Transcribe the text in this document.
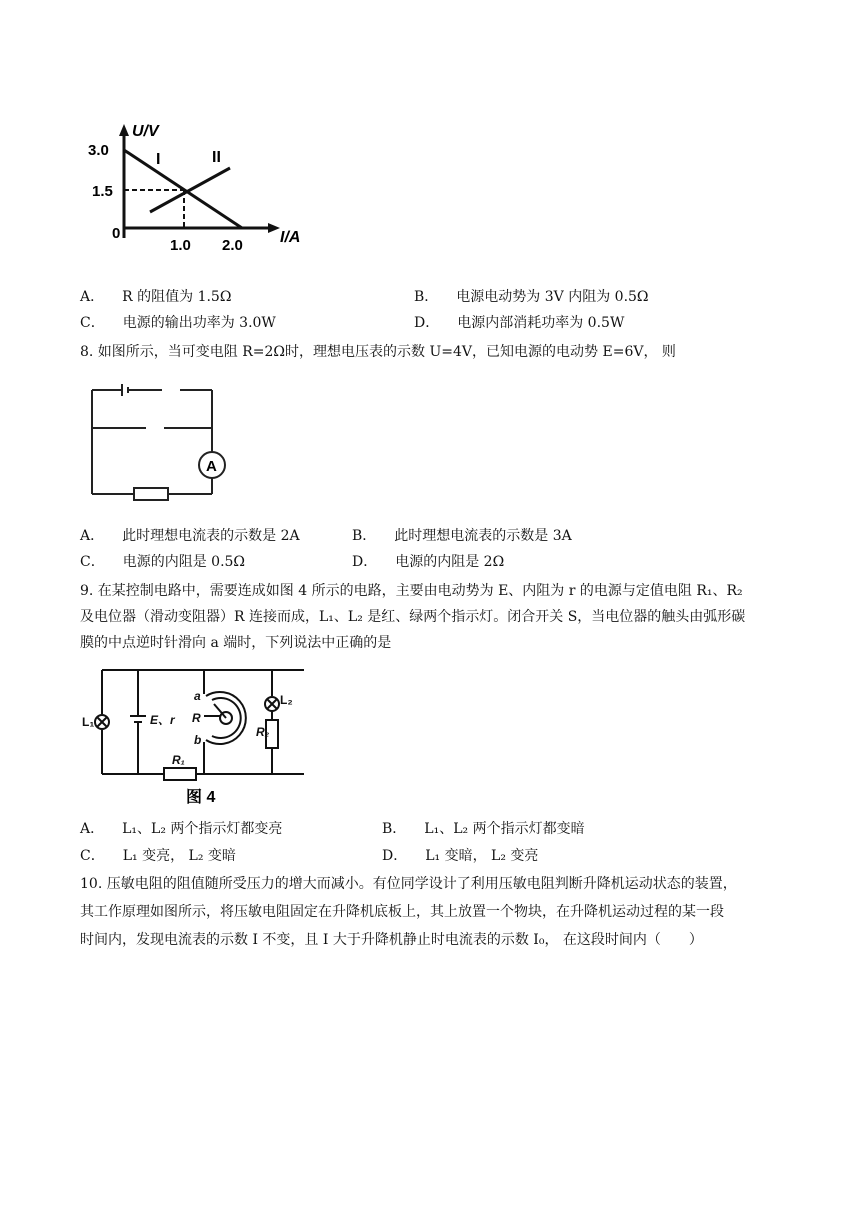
U/V
I/A
3.0
1.5
0
1.0 2.0
I	II
A． R 的阻值为 1.5Ω	B． 电源电动势为 3V 内阻为 0.5Ω
C． 电源的输出功率为 3.0W	D． 电源内部消耗功率为 0.5W
8. 如图所示，当可变电阻 R=2Ω时，理想电压表的示数 U=4V，已知电源的电动势 E=6V， 则
A
A． 此时理想电流表的示数是 2A	B． 此时理想电流表的示数是 3A
C． 电源的内阻是 0.5Ω	D． 电源的内阻是 2Ω
9. 在某控制电路中，需要连成如图 4 所示的电路，主要由电动势为 E、内阻为 r 的电源与定值电阻 R₁、R₂
及电位器（滑动变阻器）R 连接而成，L₁、L₂ 是红、绿两个指示灯。闭合开关 S，当电位器的触头由弧形碳
膜的中点逆时针滑向 a 端时，下列说法中正确的是
L₁	E、r
R₁
a
R
b
L₂
R₂
图 4
A． L₁、L₂ 两个指示灯都变亮	B． L₁、L₂ 两个指示灯都变暗
C． L₁ 变亮， L₂ 变暗	D． L₁ 变暗， L₂ 变亮
10. 压敏电阻的阻值随所受压力的增大而减小。有位同学设计了利用压敏电阻判断升降机运动状态的装置，
其工作原理如图所示，将压敏电阻固定在升降机底板上，其上放置一个物块，在升降机运动过程的某一段
时间内，发现电流表的示数 I 不变，且 I 大于升降机静止时电流表的示数 I₀， 在这段时间内（　　）
